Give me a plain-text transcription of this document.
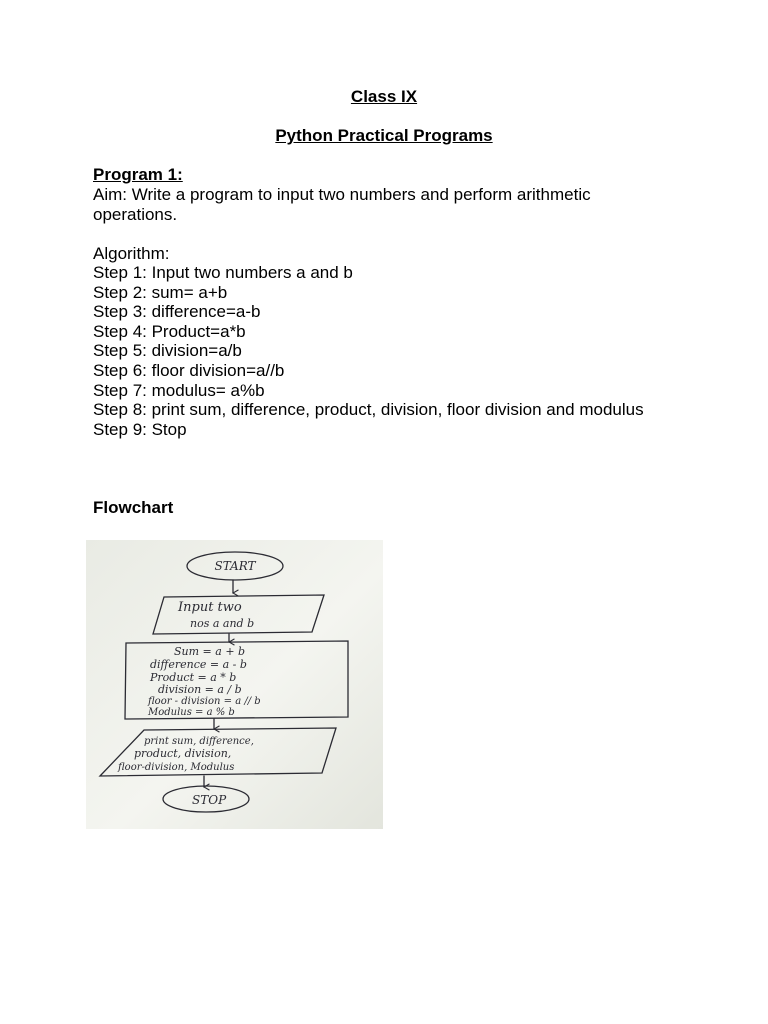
Class IX
Python Practical Programs

Program 1:

Aim: Write a program to input two numbers and perform arithmetic operations.

Algorithm:

Step 1: Input two numbers a and b
Step 2: sum= a+b
Step 3: difference=a-b
Step 4: Product=a*b
Step 5: division=a/b
Step 6: floor division=a//b
Step 7: modulus= a%b
Step 8: print sum, difference, product, division, floor division and modulus
Step 9: Stop

Flowchart

START
Input two
nos a and b
Sum = a + b
difference = a - b
Product = a * b
division = a / b
floor - division = a // b
Modulus = a % b
print sum, difference,
product, division,
floor-division, Modulus
STOP
